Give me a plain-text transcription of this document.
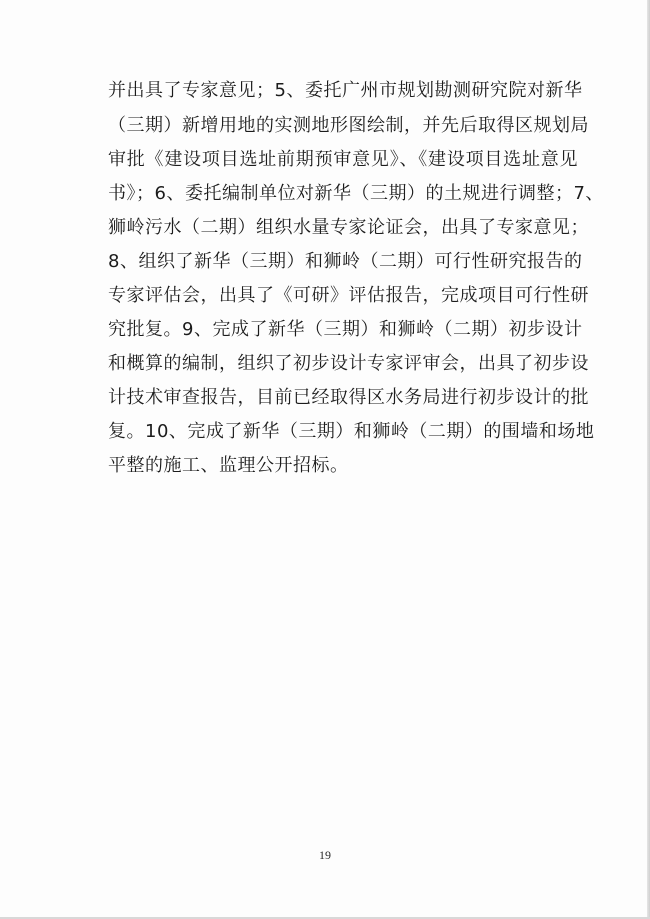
并出具了专家意见；5、委托广州市规划勘测研究院对新华
（三期）新增用地的实测地形图绘制，并先后取得区规划局
审批《建设项目选址前期预审意见》、《建设项目选址意见
书》；6、委托编制单位对新华（三期）的土规进行调整；7、
狮岭污水（二期）组织水量专家论证会，出具了专家意见；
8、组织了新华（三期）和狮岭（二期）可行性研究报告的
专家评估会，出具了《可研》评估报告，完成项目可行性研
究批复。9、完成了新华（三期）和狮岭（二期）初步设计
和概算的编制，组织了初步设计专家评审会，出具了初步设
计技术审查报告，目前已经取得区水务局进行初步设计的批
复。10、完成了新华（三期）和狮岭（二期）的围墙和场地
平整的施工、监理公开招标。
19
